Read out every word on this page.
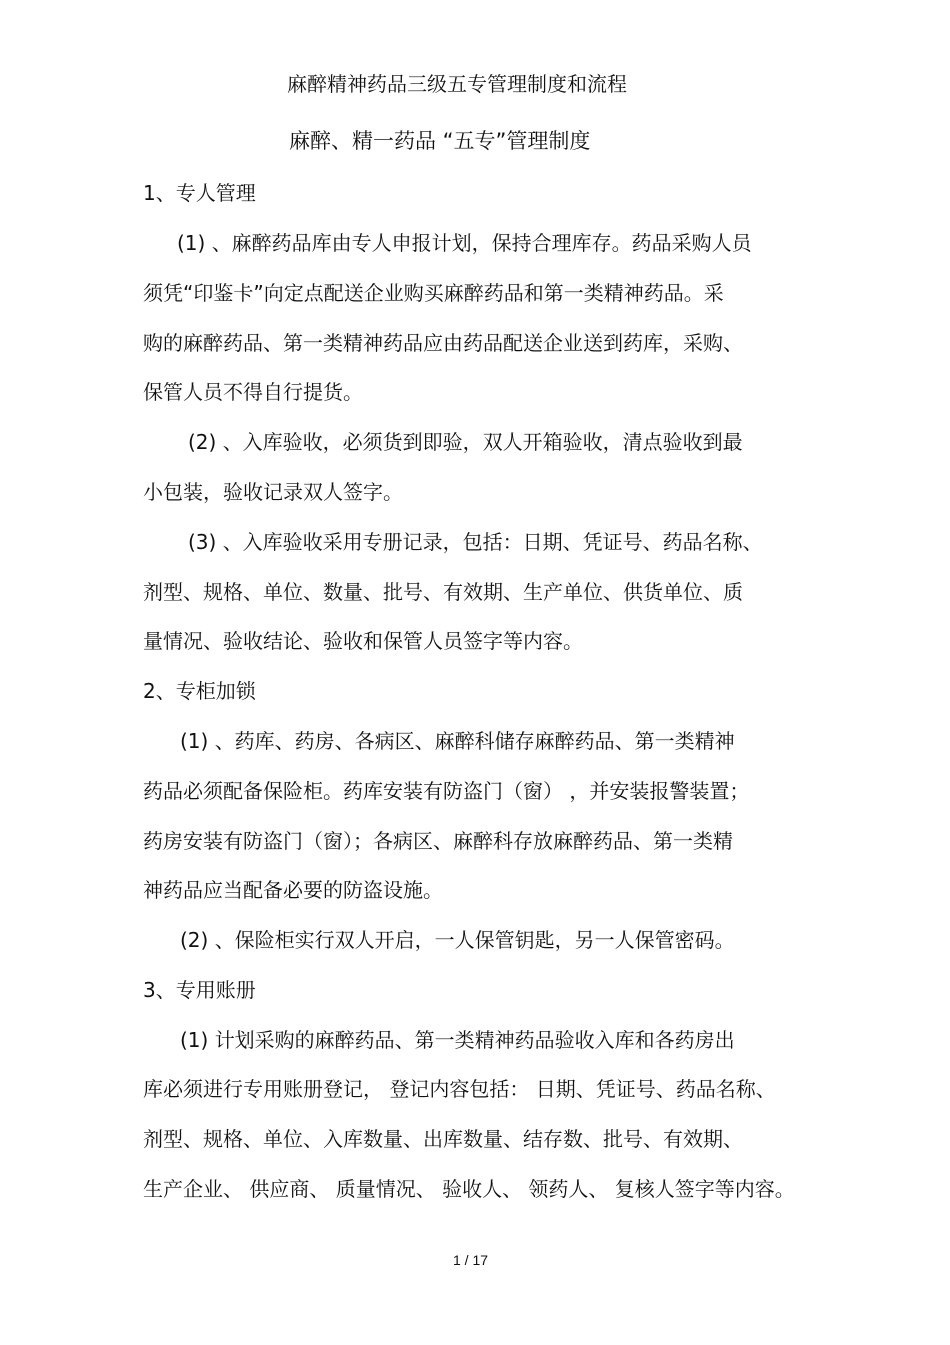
麻醉精神药品三级五专管理制度和流程
麻醉、精一药品 “五专”管理制度
1、专人管理
(1) 、麻醉药品库由专人申报计划，保持合理库存。药品采购人员
须凭“印鉴卡”向定点配送企业购买麻醉药品和第一类精神药品。采
购的麻醉药品、第一类精神药品应由药品配送企业送到药库，采购、
保管人员不得自行提货。
(2) 、入库验收，必须货到即验，双人开箱验收，清点验收到最
小包装，验收记录双人签字。
(3) 、入库验收采用专册记录，包括：日期、凭证号、药品名称、
剂型、规格、单位、数量、批号、有效期、生产单位、供货单位、质
量情况、验收结论、验收和保管人员签字等内容。
2、专柜加锁
(1) 、药库、药房、各病区、麻醉科储存麻醉药品、第一类精神
药品必须配备保险柜。药库安装有防盗门（窗） ，并安装报警装置；
药房安装有防盗门（窗）；各病区、麻醉科存放麻醉药品、第一类精
神药品应当配备必要的防盗设施。
(2) 、保险柜实行双人开启，一人保管钥匙，另一人保管密码。
3、专用账册
(1) 计划采购的麻醉药品、第一类精神药品验收入库和各药房出
库必须进行专用账册登记， 登记内容包括： 日期、凭证号、药品名称、
剂型、规格、单位、入库数量、出库数量、结存数、批号、有效期、
生产企业、 供应商、 质量情况、 验收人、 领药人、 复核人签字等内容。
1 / 17
